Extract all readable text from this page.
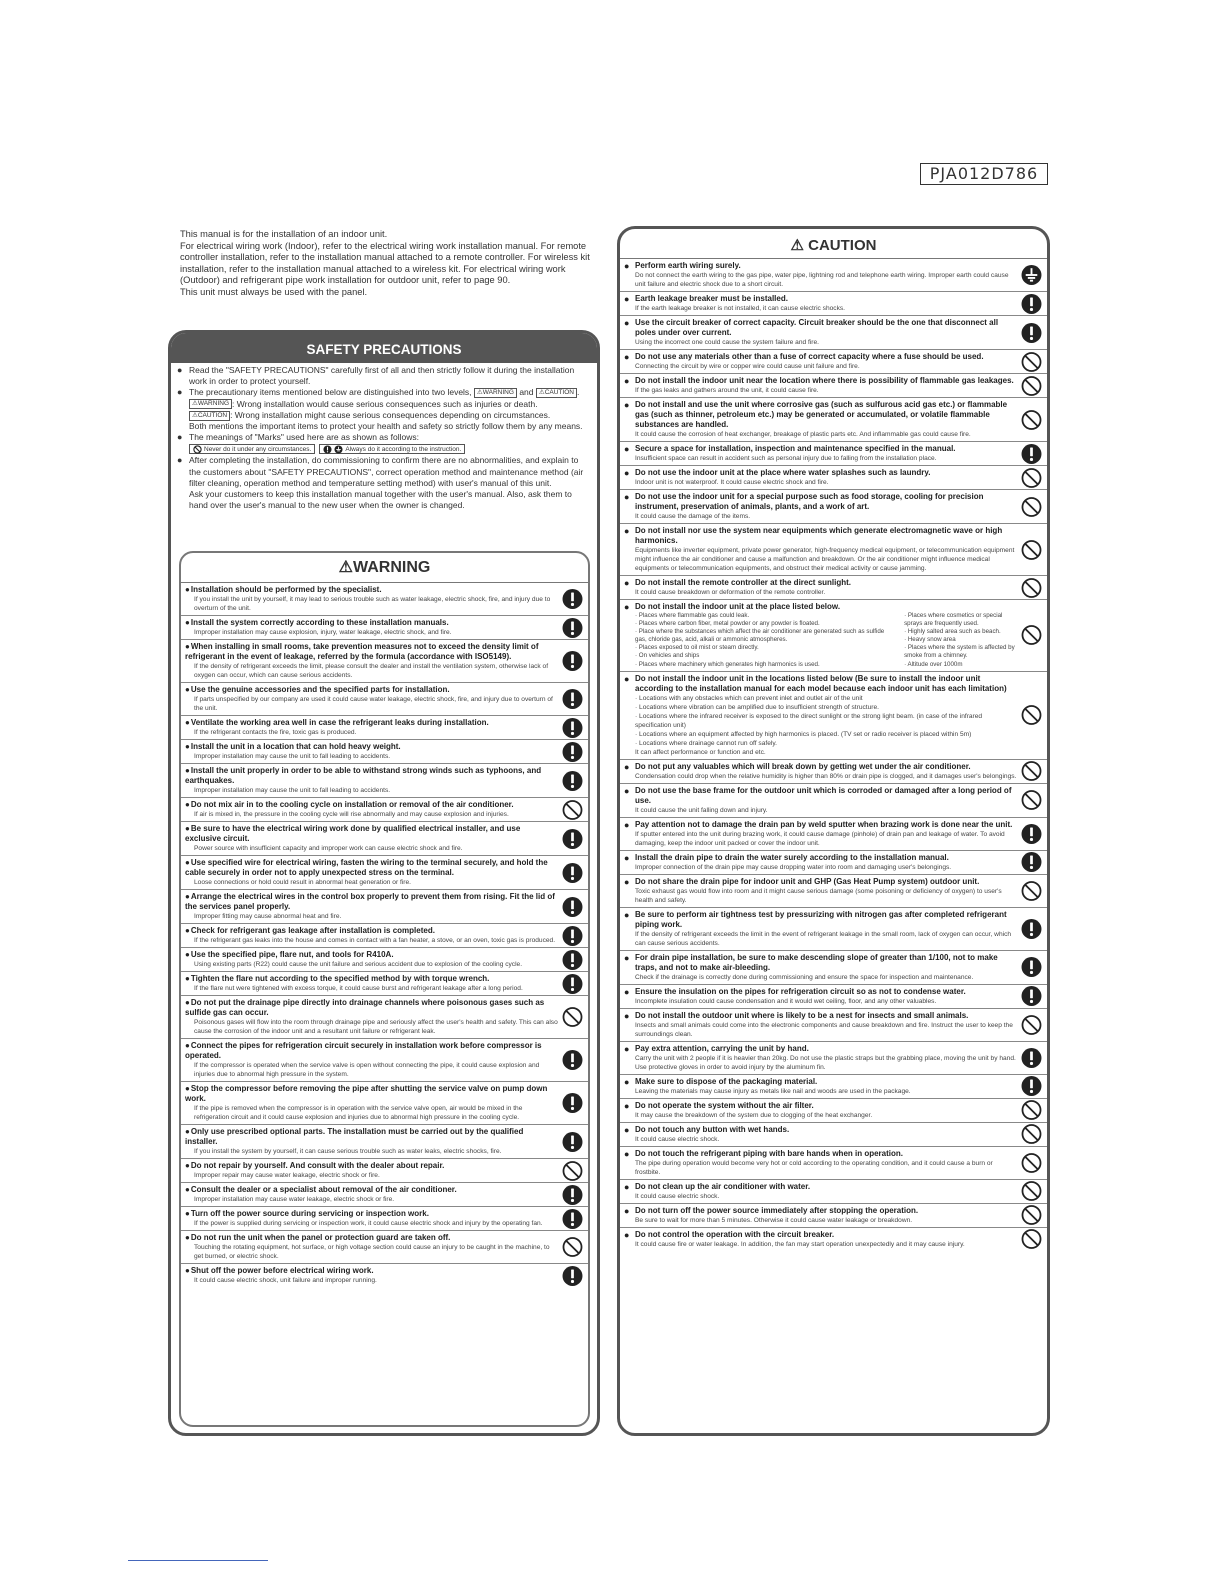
PJA012D786

This manual is for the installation of an indoor unit.

For electrical wiring work (Indoor), refer to the electrical wiring work installation manual. For remote controller installation, refer to the installation manual attached to a remote controller. For wireless kit installation, refer to the installation manual attached to a wireless kit. For electrical wiring work (Outdoor) and refrigerant pipe work installation for outdoor unit, refer to page 90.

This unit must always be used with the panel.

SAFETY PRECAUTIONS
● Read the "SAFETY PRECAUTIONS" carefully first of all and then strictly follow it during the installation work in order to protect yourself.
● The precautionary items mentioned below are distinguished into two levels, ⚠WARNING and ⚠CAUTION .
⚠WARNING : Wrong installation would cause serious consequences such as injuries or death.
⚠CAUTION : Wrong installation might cause serious consequences depending on circumstances.
Both mentions the important items to protect your health and safety so strictly follow them by any means.
● The meanings of "Marks" used here are as shown as follows:
Never do it under any circumstances.	Always do it according to the instruction.
● After completing the installation, do commissioning to confirm there are no abnormalities, and explain to the customers about "SAFETY PRECAUTIONS", correct operation method and maintenance method (air filter cleaning, operation method and temperature setting method) with user's manual of this unit.
Ask your customers to keep this installation manual together with the user's manual. Also, ask them to hand over the user's manual to the new user when the owner is changed.
⚠WARNING
● Installation should be performed by the specialist.
If you install the unit by yourself, it may lead to serious trouble such as water leakage, electric shock, fire, and injury due to overturn of the unit.
● Install the system correctly according to these installation manuals.
Improper installation may cause explosion, injury, water leakage, electric shock, and fire.
● When installing in small rooms, take prevention measures not to exceed the density limit of refrigerant in the event of leakage, referred by the formula (accordance with ISO5149).
If the density of refrigerant exceeds the limit, please consult the dealer and install the ventilation system, otherwise lack of oxygen can occur, which can cause serious accidents.
● Use the genuine accessories and the specified parts for installation.
If parts unspecified by our company are used it could cause water leakage, electric shock, fire, and injury due to overturn of the unit.
● Ventilate the working area well in case the refrigerant leaks during installation.
If the refrigerant contacts the fire, toxic gas is produced.
● Install the unit in a location that can hold heavy weight.
Improper installation may cause the unit to fall leading to accidents.
● Install the unit properly in order to be able to withstand strong winds such as typhoons, and earthquakes.
Improper installation may cause the unit to fall leading to accidents.
● Do not mix air in to the cooling cycle on installation or removal of the air conditioner.
If air is mixed in, the pressure in the cooling cycle will rise abnormally and may cause explosion and injuries.
● Be sure to have the electrical wiring work done by qualified electrical installer, and use exclusive circuit.
Power source with insufficient capacity and improper work can cause electric shock and fire.
● Use specified wire for electrical wiring, fasten the wiring to the terminal securely, and hold the cable securely in order not to apply unexpected stress on the terminal.
Loose connections or hold could result in abnormal heat generation or fire.
● Arrange the electrical wires in the control box properly to prevent them from rising. Fit the lid of the services panel properly.
Improper fitting may cause abnormal heat and fire.
● Check for refrigerant gas leakage after installation is completed.
If the refrigerant gas leaks into the house and comes in contact with a fan heater, a stove, or an oven, toxic gas is produced.
● Use the specified pipe, flare nut, and tools for R410A.
Using existing parts (R22) could cause the unit failure and serious accident due to explosion of the cooling cycle.
● Tighten the flare nut according to the specified method by with torque wrench.
If the flare nut were tightened with excess torque, it could cause burst and refrigerant leakage after a long period.
● Do not put the drainage pipe directly into drainage channels where poisonous gases such as sulfide gas can occur.
Poisonous gases will flow into the room through drainage pipe and seriously affect the user's health and safety. This can also cause the corrosion of the indoor unit and a resultant unit failure or refrigerant leak.
● Connect the pipes for refrigeration circuit securely in installation work before compressor is operated.
If the compressor is operated when the service valve is open without connecting the pipe, it could cause explosion and injuries due to abnormal high pressure in the system.
● Stop the compressor before removing the pipe after shutting the service valve on pump down work.
If the pipe is removed when the compressor is in operation with the service valve open, air would be mixed in the refrigeration circuit and it could cause explosion and injuries due to abnormal high pressure in the cooling cycle.
● Only use prescribed optional parts. The installation must be carried out by the qualified installer.
If you install the system by yourself, it can cause serious trouble such as water leaks, electric shocks, fire.
● Do not repair by yourself. And consult with the dealer about repair.
Improper repair may cause water leakage, electric shock or fire.
● Consult the dealer or a specialist about removal of the air conditioner.
Improper installation may cause water leakage, electric shock or fire.
● Turn off the power source during servicing or inspection work.
If the power is supplied during servicing or inspection work, it could cause electric shock and injury by the operating fan.
● Do not run the unit when the panel or protection guard are taken off.
Touching the rotating equipment, hot surface, or high voltage section could cause an injury to be caught in the machine, to get burned, or electric shock.
● Shut off the power before electrical wiring work.
It could cause electric shock, unit failure and improper running.
⚠ CAUTION
● Perform earth wiring surely.
Do not connect the earth wiring to the gas pipe, water pipe, lightning rod and telephone earth wiring. Improper earth could cause unit failure and electric shock due to a short circuit.
● Earth leakage breaker must be installed.
If the earth leakage breaker is not installed, it can cause electric shocks.
● Use the circuit breaker of correct capacity. Circuit breaker should be the one that disconnect all poles under over current.
Using the incorrect one could cause the system failure and fire.
● Do not use any materials other than a fuse of correct capacity where a fuse should be used.
Connecting the circuit by wire or copper wire could cause unit failure and fire.
● Do not install the indoor unit near the location where there is possibility of flammable gas leakages.
If the gas leaks and gathers around the unit, it could cause fire.
● Do not install and use the unit where corrosive gas (such as sulfurous acid gas etc.) or flammable gas (such as thinner, petroleum etc.) may be generated or accumulated, or volatile flammable substances are handled.
It could cause the corrosion of heat exchanger, breakage of plastic parts etc. And inflammable gas could cause fire.
● Secure a space for installation, inspection and maintenance specified in the manual.
Insufficient space can result in accident such as personal injury due to falling from the installation place.
● Do not use the indoor unit at the place where water splashes such as laundry.
Indoor unit is not waterproof. It could cause electric shock and fire.
● Do not use the indoor unit for a special purpose such as food storage, cooling for precision instrument, preservation of animals, plants, and a work of art.
It could cause the damage of the items.
● Do not install nor use the system near equipments which generate electromagnetic wave or high harmonics.
Equipments like inverter equipment, private power generator, high-frequency medical equipment, or telecommunication equipment might influence the air conditioner and cause a malfunction and breakdown. Or the air conditioner might influence medical equipments or telecommunication equipments, and obstruct their medical activity or cause jamming.
● Do not install the remote controller at the direct sunlight.
It could cause breakdown or deformation of the remote controller.
● Do not install the indoor unit at the place listed below.
· Places where flammable gas could leak.
· Places where carbon fiber, metal powder or any powder is floated.
· Place where the substances which affect the air conditioner are generated such as sulfide gas, chloride gas, acid, alkali or ammonic atmospheres.
· Places exposed to oil mist or steam directly.
· On vehicles and ships
· Places where machinery which generates high harmonics is used.
· Places where cosmetics or special sprays are frequently used.
· Highly salted area such as beach.
· Heavy snow area
· Places where the system is affected by smoke from a chimney.
· Altitude over 1000m
● Do not install the indoor unit in the locations listed below (Be sure to install the indoor unit according to the installation manual for each model because each indoor unit has each limitation)
· Locations with any obstacles which can prevent inlet and outlet air of the unit
· Locations where vibration can be amplified due to insufficient strength of structure.
· Locations where the infrared receiver is exposed to the direct sunlight or the strong light beam. (in case of the infrared specification unit)
· Locations where an equipment affected by high harmonics is placed. (TV set or radio receiver is placed within 5m)
· Locations where drainage cannot run off safely.
It can affect performance or function and etc.
● Do not put any valuables which will break down by getting wet under the air conditioner.
Condensation could drop when the relative humidity is higher than 80% or drain pipe is clogged, and it damages user's belongings.
● Do not use the base frame for the outdoor unit which is corroded or damaged after a long period of use.
It could cause the unit falling down and injury.
● Pay attention not to damage the drain pan by weld sputter when brazing work is done near the unit.
If sputter entered into the unit during brazing work, it could cause damage (pinhole) of drain pan and leakage of water. To avoid damaging, keep the indoor unit packed or cover the indoor unit.
● Install the drain pipe to drain the water surely according to the installation manual.
Improper connection of the drain pipe may cause dropping water into room and damaging user's belongings.
● Do not share the drain pipe for indoor unit and GHP (Gas Heat Pump system) outdoor unit.
Toxic exhaust gas would flow into room and it might cause serious damage (some poisoning or deficiency of oxygen) to user's health and safety.
● Be sure to perform air tightness test by pressurizing with nitrogen gas after completed refrigerant piping work.
If the density of refrigerant exceeds the limit in the event of refrigerant leakage in the small room, lack of oxygen can occur, which can cause serious accidents.
● For drain pipe installation, be sure to make descending slope of greater than 1/100, not to make traps, and not to make air-bleeding.
Check if the drainage is correctly done during commissioning and ensure the space for inspection and maintenance.
● Ensure the insulation on the pipes for refrigeration circuit so as not to condense water.
Incomplete insulation could cause condensation and it would wet ceiling, floor, and any other valuables.
● Do not install the outdoor unit where is likely to be a nest for insects and small animals.
Insects and small animals could come into the electronic components and cause breakdown and fire. Instruct the user to keep the surroundings clean.
● Pay extra attention, carrying the unit by hand.
Carry the unit with 2 people if it is heavier than 20kg. Do not use the plastic straps but the grabbing place, moving the unit by hand. Use protective gloves in order to avoid injury by the aluminum fin.
● Make sure to dispose of the packaging material.
Leaving the materials may cause injury as metals like nail and woods are used in the package.
● Do not operate the system without the air filter.
It may cause the breakdown of the system due to clogging of the heat exchanger.
● Do not touch any button with wet hands.
It could cause electric shock.
● Do not touch the refrigerant piping with bare hands when in operation.
The pipe during operation would become very hot or cold according to the operating condition, and it could cause a burn or frostbite.
● Do not clean up the air conditioner with water.
It could cause electric shock.
● Do not turn off the power source immediately after stopping the operation.
Be sure to wait for more than 5 minutes. Otherwise it could cause water leakage or breakdown.
● Do not control the operation with the circuit breaker.
It could cause fire or water leakage. In addition, the fan may start operation unexpectedly and it may cause injury.
